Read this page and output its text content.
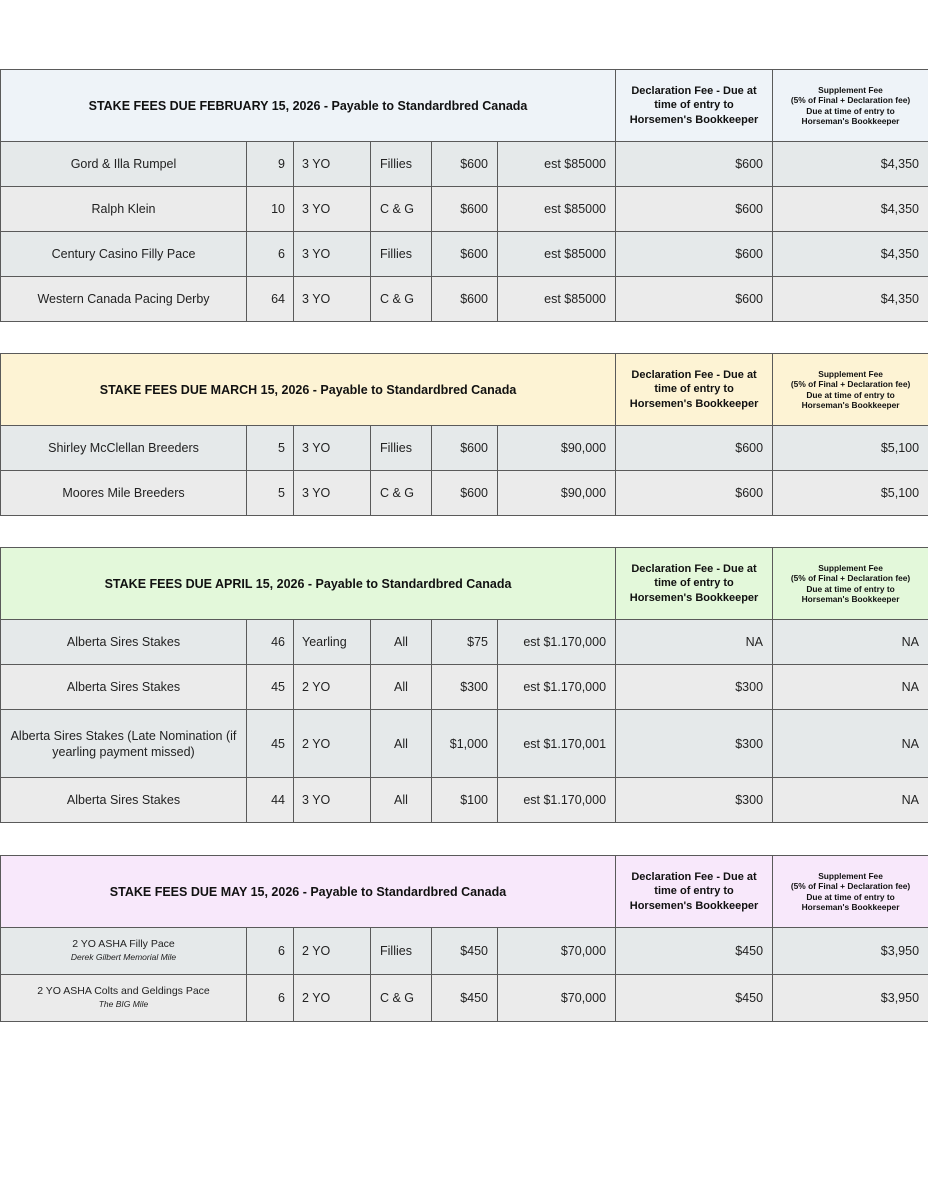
STAKE FEES DUE FEBRUARY 15, 2026 - Payable to Standardbred Canada						Declaration Fee - Due at
time of entry to
Horsemen's Bookkeeper	Supplement Fee
(5% of Final + Declaration fee)
Due at time of entry to
Horseman's Bookkeeper

Gord & Illa Rumpel	9	3 YO	Fillies	$600	est $85000	$600	$4,350
Ralph Klein	10	3 YO	C & G	$600	est $85000	$600	$4,350
Century Casino Filly Pace	6	3 YO	Fillies	$600	est $85000	$600	$4,350
Western Canada Pacing Derby	64	3 YO	C & G	$600	est $85000	$600	$4,350
STAKE FEES DUE MARCH 15, 2026 - Payable to Standardbred Canada						Declaration Fee - Due at
time of entry to
Horsemen's Bookkeeper	Supplement Fee
(5% of Final + Declaration fee)
Due at time of entry to
Horseman's Bookkeeper

Shirley McClellan Breeders	5	3 YO	Fillies	$600	$90,000	$600	$5,100
Moores Mile Breeders	5	3 YO	C & G	$600	$90,000	$600	$5,100
STAKE FEES DUE APRIL 15, 2026 - Payable to Standardbred Canada						Declaration Fee - Due at
time of entry to
Horsemen's Bookkeeper	Supplement Fee
(5% of Final + Declaration fee)
Due at time of entry to
Horseman's Bookkeeper

Alberta Sires Stakes	46	Yearling	All	$75	est $1.170,000	NA	NA
Alberta Sires Stakes	45	2 YO	All	$300	est $1.170,000	$300	NA
Alberta Sires Stakes (Late Nomination (if yearling payment missed)	45	2 YO	All	$1,000	est $1.170,001	$300	NA
Alberta Sires Stakes	44	3 YO	All	$100	est $1.170,000	$300	NA
STAKE FEES DUE MAY 15, 2026 - Payable to Standardbred Canada						Declaration Fee - Due at
time of entry to
Horsemen's Bookkeeper	Supplement Fee
(5% of Final + Declaration fee)
Due at time of entry to
Horseman's Bookkeeper

2 YO ASHA Filly Pace
Derek Gilbert Memorial Mile	6	2 YO	Fillies	$450	$70,000	$450	$3,950
2 YO ASHA Colts and Geldings Pace
The BIG Mile	6	2 YO	C & G	$450	$70,000	$450	$3,950
